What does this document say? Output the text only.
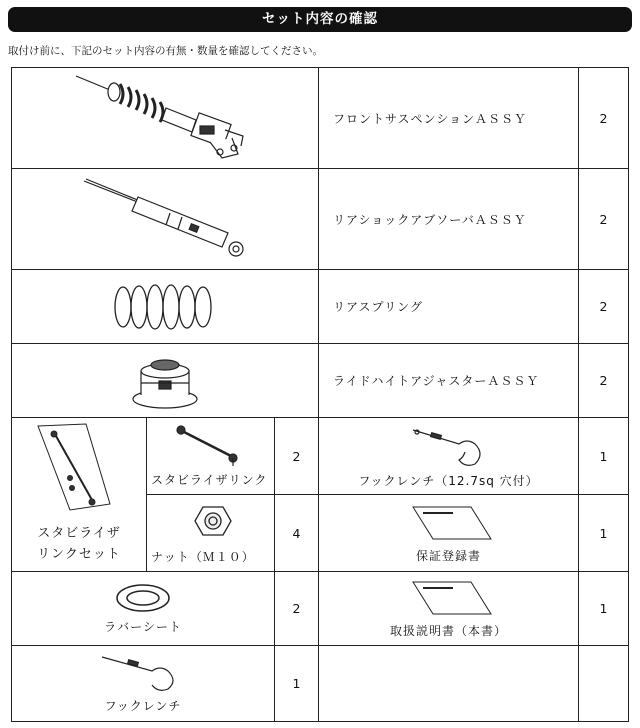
セット内容の確認
取付け前に、下記のセット内容の有無・数量を確認してください。
	フロントサスペンションＡＳＳＹ	2

	リアショックアブソーバＡＳＳＹ	2

	リアスプリング	2

	ライドハイトアジャスターＡＳＳＹ	2

スタビライザ
リンクセット	スタビライザリンク	2	フックレンチ（12.7sq 穴付）	1

	ナット（Ｍ１０）	4	保証登録書	1

ラバーシート		2	取扱説明書（本書）	1

フックレンチ		1		
